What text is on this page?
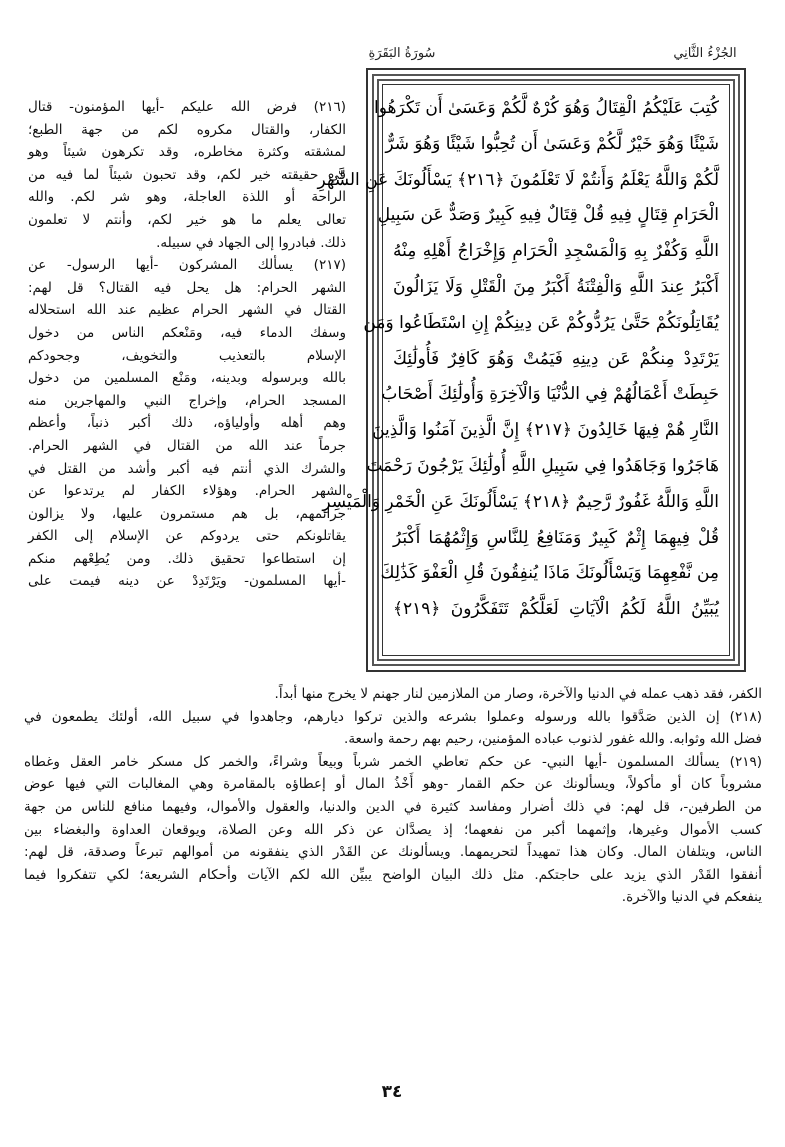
الجُزْءُ الثَّانِي
سُورَةُ البَقَرَةِ
كُتِبَ عَلَيْكُمُ الْقِتَالُ وَهُوَ كُرْهٌ لَّكُمْ وَعَسَىٰ أَن تَكْرَهُوا
شَيْئًا وَهُوَ خَيْرٌ لَّكُمْ وَعَسَىٰ أَن تُحِبُّوا شَيْئًا وَهُوَ شَرٌّ
لَّكُمْ وَاللَّهُ يَعْلَمُ وَأَنتُمْ لَا تَعْلَمُونَ ﴿٢١٦﴾ يَسْأَلُونَكَ عَنِ الشَّهْرِ
الْحَرَامِ قِتَالٍ فِيهِ قُلْ قِتَالٌ فِيهِ كَبِيرٌ وَصَدٌّ عَن سَبِيلِ
اللَّهِ وَكُفْرٌ بِهِ وَالْمَسْجِدِ الْحَرَامِ وَإِخْرَاجُ أَهْلِهِ مِنْهُ
أَكْبَرُ عِندَ اللَّهِ وَالْفِتْنَةُ أَكْبَرُ مِنَ الْقَتْلِ وَلَا يَزَالُونَ
يُقَاتِلُونَكُمْ حَتَّىٰ يَرُدُّوكُمْ عَن دِينِكُمْ إِنِ اسْتَطَاعُوا وَمَن
يَرْتَدِدْ مِنكُمْ عَن دِينِهِ فَيَمُتْ وَهُوَ كَافِرٌ فَأُولَٰئِكَ
حَبِطَتْ أَعْمَالُهُمْ فِي الدُّنْيَا وَالْآخِرَةِ وَأُولَٰئِكَ أَصْحَابُ
النَّارِ هُمْ فِيهَا خَالِدُونَ ﴿٢١٧﴾ إِنَّ الَّذِينَ آمَنُوا وَالَّذِينَ
هَاجَرُوا وَجَاهَدُوا فِي سَبِيلِ اللَّهِ أُولَٰئِكَ يَرْجُونَ رَحْمَتَ
اللَّهِ وَاللَّهُ غَفُورٌ رَّحِيمٌ ﴿٢١٨﴾ يَسْأَلُونَكَ عَنِ الْخَمْرِ وَالْمَيْسِرِ
قُلْ فِيهِمَا إِثْمٌ كَبِيرٌ وَمَنَافِعُ لِلنَّاسِ وَإِثْمُهُمَا أَكْبَرُ
مِن نَّفْعِهِمَا وَيَسْأَلُونَكَ مَاذَا يُنفِقُونَ قُلِ الْعَفْوَ كَذَٰلِكَ
يُبَيِّنُ اللَّهُ لَكُمُ الْآيَاتِ لَعَلَّكُمْ تَتَفَكَّرُونَ ﴿٢١٩﴾
(٢١٦) فرض الله عليكم -أيها المؤمنون- قتال
الكفار، والقتال مكروه لكم من جهة الطبع؛
لمشقته وكثرة مخاطره، وقد تكرهون شيئاً وهو
في حقيقته خير لكم، وقد تحبون شيئاً لما فيه من
الراحة أو اللذة العاجلة، وهو شر لكم. والله
تعالى يعلم ما هو خير لكم، وأنتم لا تعلمون
ذلك. فبادروا إلى الجهاد في سبيله.
(٢١٧) يسألك المشركون -أيها الرسول- عن
الشهر الحرام: هل يحل فيه القتال؟ قل لهم:
القتال في الشهر الحرام عظيم عند الله استحلاله
وسفك الدماء فيه، ومَنْعكم الناس من دخول
الإسلام بالتعذيب والتخويف، وجحودكم
بالله وبرسوله وبدينه، ومَنْع المسلمين من دخول
المسجد الحرام، وإخراج النبي والمهاجرين منه
وهم أهله وأولياؤه، ذلك أكبر ذنباً، وأعظم
جرماً عند الله من القتال في الشهر الحرام.
والشرك الذي أنتم فيه أكبر وأشد من القتل في
الشهر الحرام. وهؤلاء الكفار لم يرتدعوا عن
جرائمهم، بل هم مستمرون عليها، ولا يزالون
يقاتلونكم حتى يردوكم عن الإسلام إلى الكفر
إن استطاعوا تحقيق ذلك. ومن يُطِعْهم منكم
-أيها المسلمون- ويَرْتَدِدْ عن دينه فيمت على
الكفر، فقد ذهب عمله في الدنيا والآخرة، وصار من الملازمين لنار جهنم لا يخرج منها أبداً.
(٢١٨) إن الذين صَدَّقوا بالله ورسوله وعملوا بشرعه والذين تركوا ديارهم، وجاهدوا في سبيل الله، أولئك يطمعون في
فضل الله وثوابه. والله غفور لذنوب عباده المؤمنين، رحيم بهم رحمة واسعة.
(٢١٩) يسألك المسلمون -أيها النبي- عن حكم تعاطي الخمر شرباً وبيعاً وشراءً، والخمر كل مسكر خامر العقل وغطاه
مشروباً كان أو مأكولاً، ويسألونك عن حكم القمار -وهو أَخْذُ المال أو إعطاؤه بالمقامرة وهي المغالبات التي فيها عوض
من الطرفين-، قل لهم: في ذلك أضرار ومفاسد كثيرة في الدين والدنيا، والعقول والأموال، وفيهما منافع للناس من جهة
كسب الأموال وغيرها، وإثمهما أكبر من نفعهما؛ إذ يصدَّان عن ذكر الله وعن الصلاة، ويوقعان العداوة والبغضاء بين
الناس، ويتلفان المال. وكان هذا تمهيداً لتحريمهما. ويسألونك عن القَدْر الذي ينفقونه من أموالهم تبرعاً وصدقة، قل لهم:
أنفقوا القَدْر الذي يزيد على حاجتكم. مثل ذلك البيان الواضح يبيِّن الله لكم الآيات وأحكام الشريعة؛ لكي تتفكروا فيما
ينفعكم في الدنيا والآخرة.
٣٤
